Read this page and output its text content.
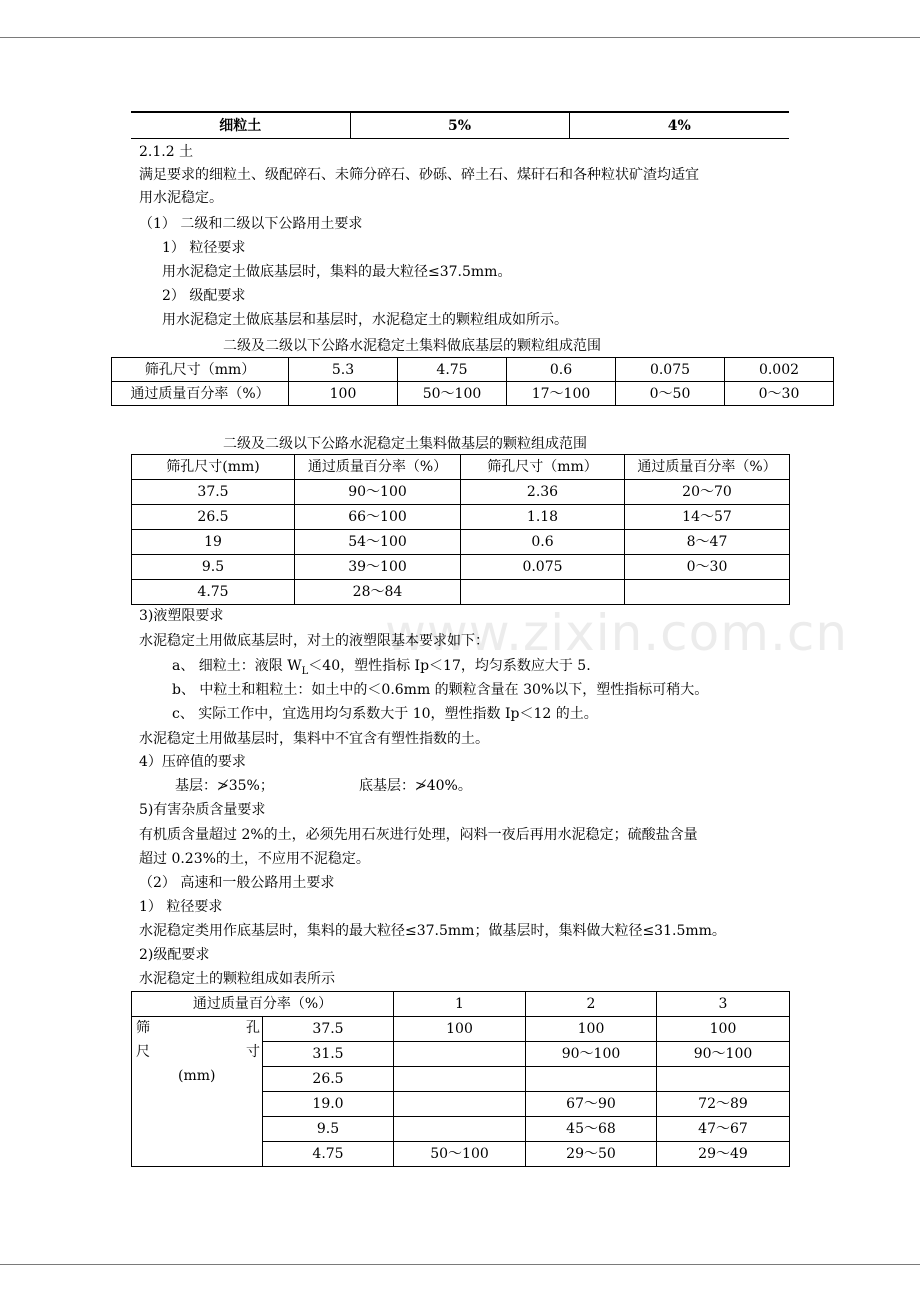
www.zixin.com.cn
细粒土	5%	4%
2.1.2 土
满足要求的细粒土、级配碎石、未筛分碎石、砂砾、碎土石、煤矸石和各种粒状矿渣均适宜
用水泥稳定。
（1） 二级和二级以下公路用土要求
1） 粒径要求
用水泥稳定土做底基层时，集料的最大粒径≤37.5mm。
2） 级配要求
用水泥稳定土做底基层和基层时，水泥稳定土的颗粒组成如所示。
二级及二级以下公路水泥稳定土集料做底基层的颗粒组成范围
筛孔尺寸（mm）	5.3	4.75	0.6	0.075	0.002
通过质量百分率（%）	100	50～100	17～100	0～50	0～30
二级及二级以下公路水泥稳定土集料做基层的颗粒组成范围
筛孔尺寸(mm)	通过质量百分率（%）	筛孔尺寸（mm）	通过质量百分率（%）
37.5	90～100	2.36	20～70
26.5	66～100	1.18	14～57
19	54～100	0.6	8～47
9.5	39～100	0.075	0～30
4.75	28～84		
3)液塑限要求
水泥稳定土用做底基层时，对土的液塑限基本要求如下：
a、 细粒土：液限 $W_L<40$，塑性指标 Ip＜17，均匀系数应大于 5.
b、 中粒土和粗粒土：如土中的＜0.6mm 的颗粒含量在 30%以下，塑性指标可稍大。
c、 实际工作中，宜选用均匀系数大于 10，塑性指数 Ip＜12 的土。
水泥稳定土用做基层时，集料中不宜含有塑性指数的土。
4）压碎值的要求
基层：≯35%；	底基层：≯40%。
5)有害杂质含量要求
有机质含量超过 2%的土，必须先用石灰进行处理，闷料一夜后再用水泥稳定；硫酸盐含量
超过 0.23%的土，不应用不泥稳定。
（2） 高速和一般公路用土要求
1） 粒径要求
水泥稳定类用作底基层时，集料的最大粒径≤37.5mm；做基层时，集料做大粒径≤31.5mm。
2)级配要求
水泥稳定土的颗粒组成如表所示
通过质量百分率（%）		1	2	3

筛 孔
尺 寸
(mm)	37.5	100	100	100
	31.5		90～100	90～100
	26.5			
	19.0		67～90	72～89
	9.5		45～68	47～67
	4.75	50～100	29～50	29～49
